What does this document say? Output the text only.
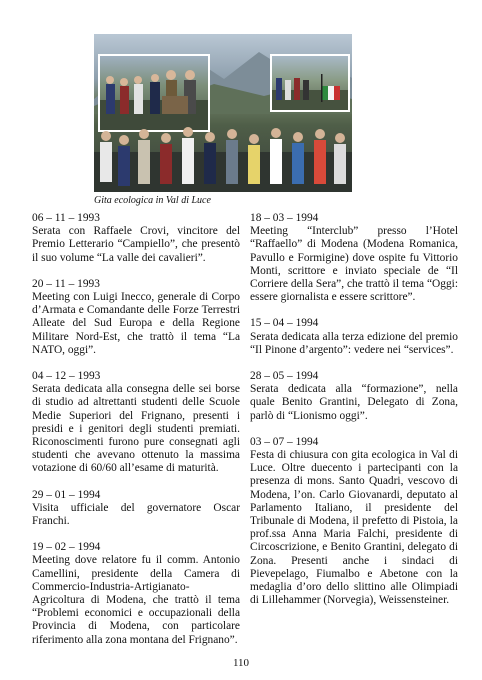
Gita ecologica in Val di Luce
06 – 11 – 1993
Serata con Raffaele Crovi, vincitore del Premio Letterario “Campiello”, che presentò il suo volume “La valle dei cavalieri”.
20 – 11 – 1993
Meeting con Luigi Inecco, generale di Corpo d’Armata e Comandante delle Forze Terrestri Alleate del Sud Europa e della Regione Militare Nord-Est, che trattò il tema “La NATO, oggi”.
04 – 12 – 1993
Serata dedicata alla consegna delle sei borse di studio ad altrettanti studenti delle Scuole Medie Superiori del Frignano, presenti i presidi e i genitori degli studenti premiati. Riconoscimenti furono pure consegnati agli studenti che avevano ottenuto la massima votazione di 60/60 all’esame di maturità.
29 – 01 – 1994
Visita ufficiale del governatore Oscar Franchi.
19 – 02 – 1994
Meeting dove relatore fu il comm. Antonio Camellini, presidente della Camera di Commercio-Industria-Artigianato-Agricoltura di Modena, che trattò il tema “Problemi economici e occupazionali della Provincia di Modena, con particolare riferimento alla zona montana del Frignano”.
18 – 03 – 1994
Meeting “Interclub” presso l’Hotel “Raffaello” di Modena (Modena Romanica, Pavullo e Formigine) dove ospite fu Vittorio Monti, scrittore e inviato speciale de “Il Corriere della Sera”, che trattò il tema “Oggi: essere giornalista e essere scrittore”.
15 – 04 – 1994
Serata dedicata alla terza edizione del premio “Il Pinone d’argento”: vedere nei “services”.
28 – 05 – 1994
Serata dedicata alla “formazione”, nella quale Benito Grantini, Delegato di Zona, parlò di “Lionismo oggi”.
03 – 07 – 1994
Festa di chiusura con gita ecologica in Val di Luce. Oltre duecento i partecipanti con la presenza di mons. Santo Quadri, vescovo di Modena, l’on. Carlo Giovanardi, deputato al Parlamento Italiano, il presidente del Tribunale di Modena, il prefetto di Pistoia, la prof.ssa Anna Maria Falchi, presidente di Circoscrizione, e Benito Grantini, delegato di Zona. Presenti anche i sindaci di Pievepelago, Fiumalbo e Abetone con la medaglia d’oro dello slittino alle Olimpiadi di Lillehammer (Norvegia), Weissensteiner.
110
